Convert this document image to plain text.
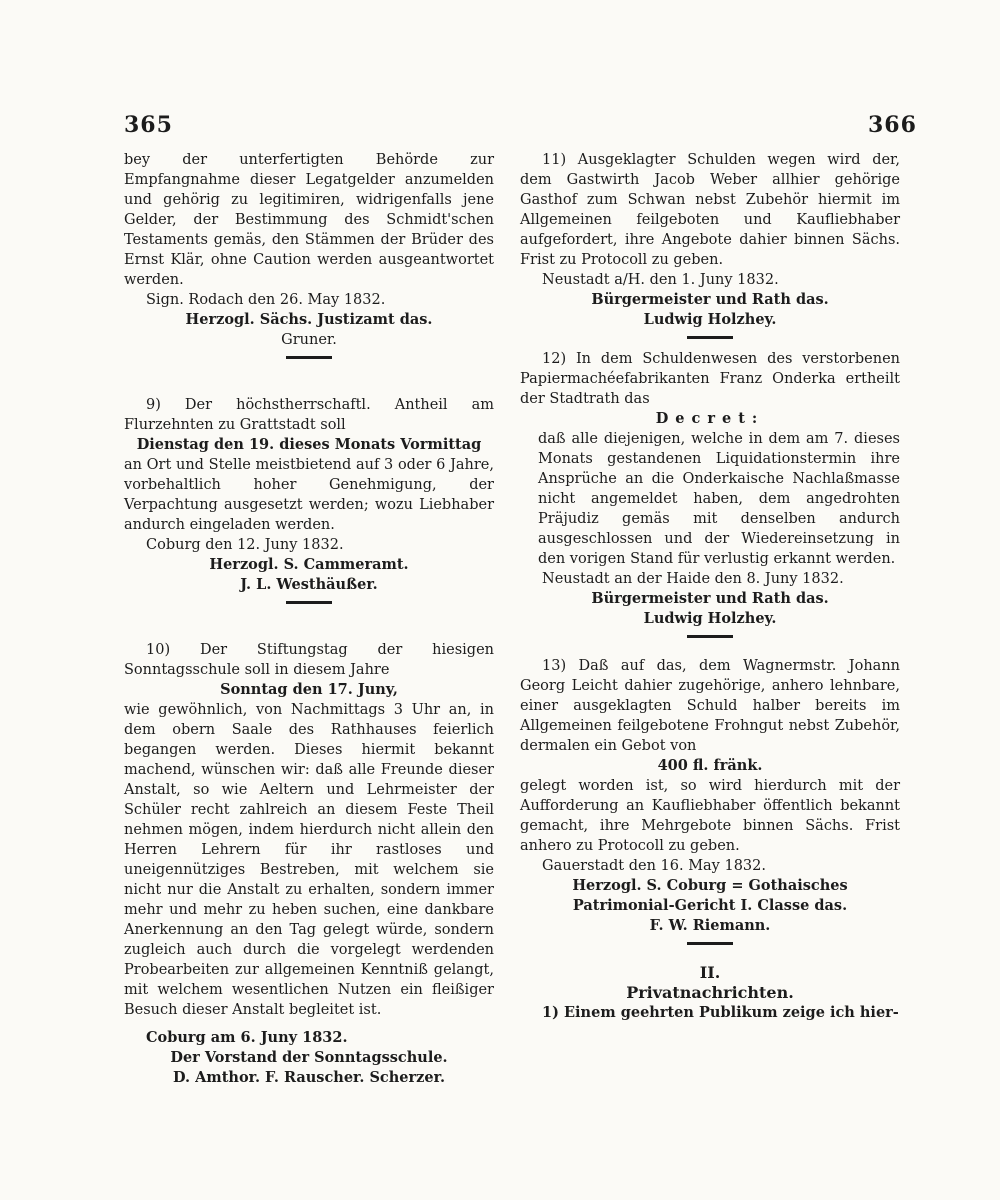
365	366

bey der unterfertigten Behörde zur Empfangnahme dieser Legatgelder anzumelden und gehörig zu legitimiren, widrigenfalls jene Gelder, der Bestimmung des Schmidt'schen Testaments gemäs, den Stämmen der Brüder des Ernst Klär, ohne Caution werden ausgeantwortet werden.

Sign. Rodach den 26. May 1832.

Herzogl. Sächs. Justizamt das.

Gruner.

9) Der höchstherrschaftl. Antheil am Flurzehnten zu Grattstadt soll

Dienstag den 19. dieses Monats Vormittag

an Ort und Stelle meistbietend auf 3 oder 6 Jahre, vorbehaltlich hoher Genehmigung, der Verpachtung ausgesetzt werden; wozu Liebhaber andurch eingeladen werden.

Coburg den 12. Juny 1832.

Herzogl. S. Cammeramt.

J. L. Westhäußer.

10) Der Stiftungstag der hiesigen Sonntagsschule soll in diesem Jahre

Sonntag den 17. Juny,

wie gewöhnlich, von Nachmittags 3 Uhr an, in dem obern Saale des Rathhauses feierlich begangen werden. Dieses hiermit bekannt machend, wünschen wir: daß alle Freunde dieser Anstalt, so wie Aeltern und Lehrmeister der Schüler recht zahlreich an diesem Feste Theil nehmen mögen, indem hierdurch nicht allein den Herren Lehrern für ihr rastloses und uneigennütziges Bestreben, mit welchem sie nicht nur die Anstalt zu erhalten, sondern immer mehr und mehr zu heben suchen, eine dankbare Anerkennung an den Tag gelegt würde, sondern zugleich auch durch die vorgelegt werdenden Probearbeiten zur allgemeinen Kenntniß gelangt, mit welchem wesentlichen Nutzen ein fleißiger Besuch dieser Anstalt begleitet ist.

Coburg am 6. Juny 1832.

Der Vorstand der Sonntagsschule.

D. Amthor. F. Rauscher. Scherzer.

11) Ausgeklagter Schulden wegen wird der, dem Gastwirth Jacob Weber allhier gehörige Gasthof zum Schwan nebst Zubehör hiermit im Allgemeinen feilgeboten und Kaufliebhaber aufgefordert, ihre Angebote dahier binnen Sächs. Frist zu Protocoll zu geben.

Neustadt a/H. den 1. Juny 1832.

Bürgermeister und Rath das.

Ludwig Holzhey.

12) In dem Schuldenwesen des verstorbenen Papiermachéefabrikanten Franz Onderka ertheilt der Stadtrath das

Decret:

daß alle diejenigen, welche in dem am 7. dieses Monats gestandenen Liquidationstermin ihre Ansprüche an die Onderkaische Nachlaßmasse nicht angemeldet haben, dem angedrohten Präjudiz gemäs mit denselben andurch ausgeschlossen und der Wiedereinsetzung in den vorigen Stand für verlustig erkannt werden.

Neustadt an der Haide den 8. Juny 1832.

Bürgermeister und Rath das.

Ludwig Holzhey.

13) Daß auf das, dem Wagnermstr. Johann Georg Leicht dahier zugehörige, anhero lehnbare, einer ausgeklagten Schuld halber bereits im Allgemeinen feilgebotene Frohngut nebst Zubehör, dermalen ein Gebot von

400 fl. fränk.

gelegt worden ist, so wird hierdurch mit der Aufforderung an Kaufliebhaber öffentlich bekannt gemacht, ihre Mehrgebote binnen Sächs. Frist anhero zu Protocoll zu geben.

Gauerstadt den 16. May 1832.

Herzogl. S. Coburg = Gothaisches Patrimonial-Gericht I. Classe das.

F. W. Riemann.

II.

Privatnachrichten.

1) Einem geehrten Publikum zeige ich hier-
